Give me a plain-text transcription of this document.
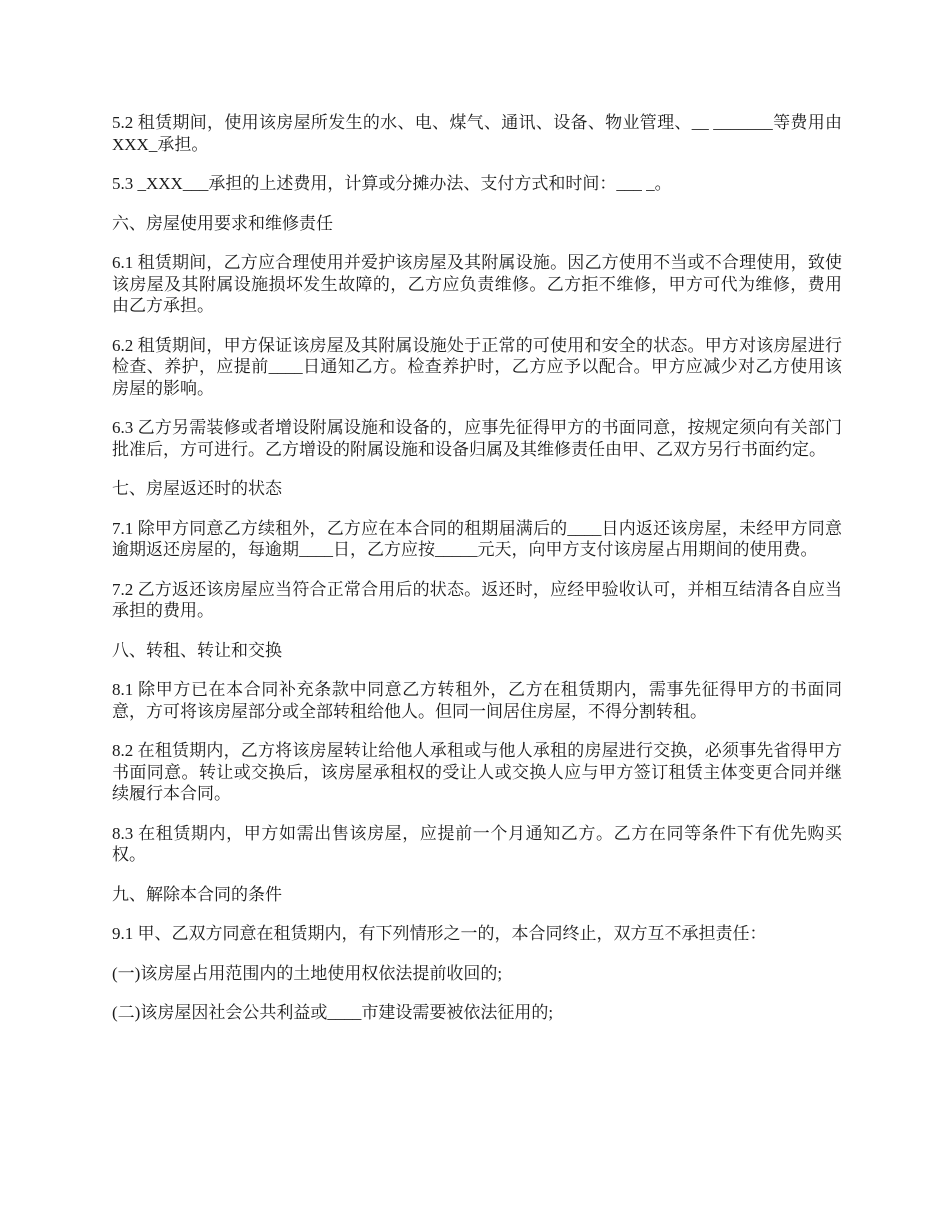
5.2 租赁期间，使用该房屋所发生的水、电、煤气、通讯、设备、物业管理、__ _______等费用由 XXX_承担。

5.3 _XXX___承担的上述费用，计算或分摊办法、支付方式和时间：___ _。

六、房屋使用要求和维修责任

6.1 租赁期间，乙方应合理使用并爱护该房屋及其附属设施。因乙方使用不当或不合理使用，致使该房屋及其附属设施损坏发生故障的，乙方应负责维修。乙方拒不维修，甲方可代为维修，费用由乙方承担。

6.2 租赁期间，甲方保证该房屋及其附属设施处于正常的可使用和安全的状态。甲方对该房屋进行检查、养护，应提前____日通知乙方。检查养护时，乙方应予以配合。甲方应减少对乙方使用该房屋的影响。

6.3 乙方另需装修或者增设附属设施和设备的，应事先征得甲方的书面同意，按规定须向有关部门批准后，方可进行。乙方增设的附属设施和设备归属及其维修责任由甲、乙双方另行书面约定。

七、房屋返还时的状态

7.1 除甲方同意乙方续租外，乙方应在本合同的租期届满后的____日内返还该房屋，未经甲方同意逾期返还房屋的，每逾期____日，乙方应按_____元天，向甲方支付该房屋占用期间的使用费。

7.2 乙方返还该房屋应当符合正常合用后的状态。返还时，应经甲验收认可，并相互结清各自应当承担的费用。

八、转租、转让和交换

8.1 除甲方已在本合同补充条款中同意乙方转租外，乙方在租赁期内，需事先征得甲方的书面同意，方可将该房屋部分或全部转租给他人。但同一间居住房屋，不得分割转租。

8.2 在租赁期内，乙方将该房屋转让给他人承租或与他人承租的房屋进行交换，必须事先省得甲方书面同意。转让或交换后，该房屋承租权的受让人或交换人应与甲方签订租赁主体变更合同并继续履行本合同。

8.3 在租赁期内，甲方如需出售该房屋，应提前一个月通知乙方。乙方在同等条件下有优先购买权。

九、解除本合同的条件

9.1 甲、乙双方同意在租赁期内，有下列情形之一的，本合同终止，双方互不承担责任：

(一)该房屋占用范围内的土地使用权依法提前收回的;

(二)该房屋因社会公共利益或____市建设需要被依法征用的;
